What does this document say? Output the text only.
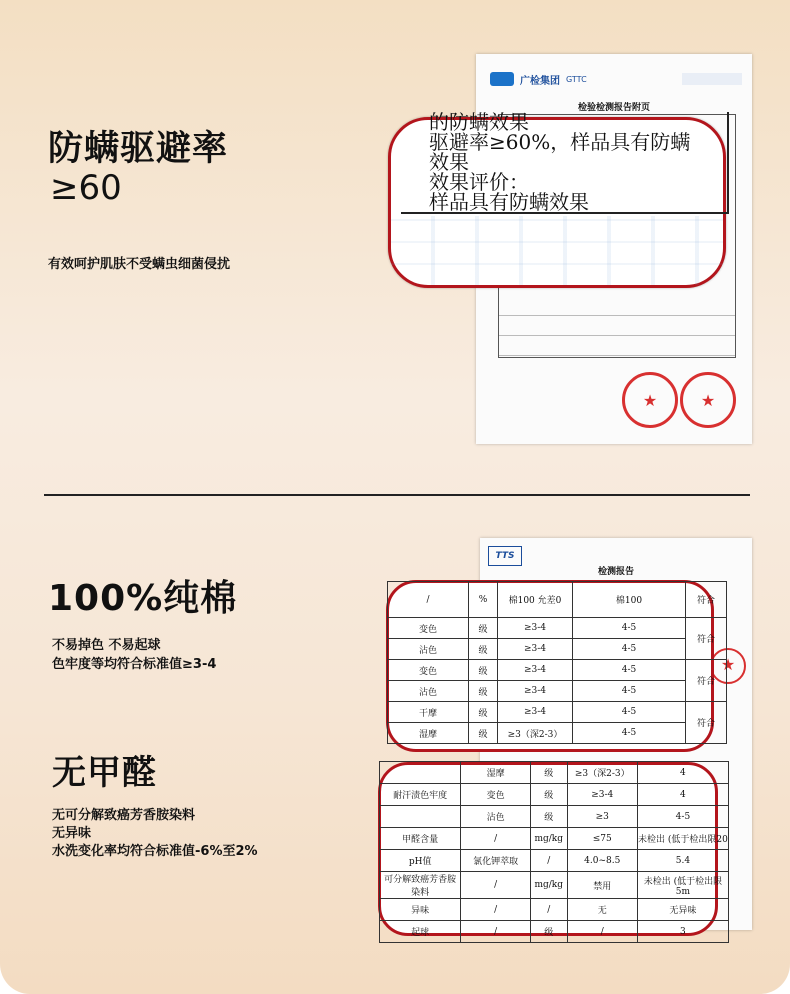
防螨驱避率
≥60
有效呵护肌肤不受螨虫细菌侵扰
广检集团 GTTC
检验检测报告附页
★	★
的防螨效果
驱避率≥60%，样品具有防螨
效果
效果评价：
样品具有防螨效果
100%纯棉
不易掉色 不易起球
色牢度等均符合标准值≥3-4
无甲醛
无可分解致癌芳香胺染料
无异味
水洗变化率均符合标准值-6%至2%
TTS
检测报告
★
/	%	棉100 允差0	棉100	符合
变色	级	≥3-4	4-5	符合
沾色	级	≥3-4	4-5	
变色	级	≥3-4	4-5	符合
沾色	级	≥3-4	4-5	
干摩	级	≥3-4	4-5	符合
湿摩	级	≥3（深2-3）	4-5	
	湿摩	级	≥3（深2-3）	4
耐汗渍色牢度	变色	级	≥3-4	4
	沾色	级	≥3	4-5
甲醛含量	/	mg/kg	≤75	未检出 (低于检出限20
pH值	氯化钾萃取	/	4.0~8.5	5.4
可分解致癌芳香胺染料	/	mg/kg	禁用	未检出 (低于检出限5m
异味	/	/	无	无异味
起球	/	级	/	3
